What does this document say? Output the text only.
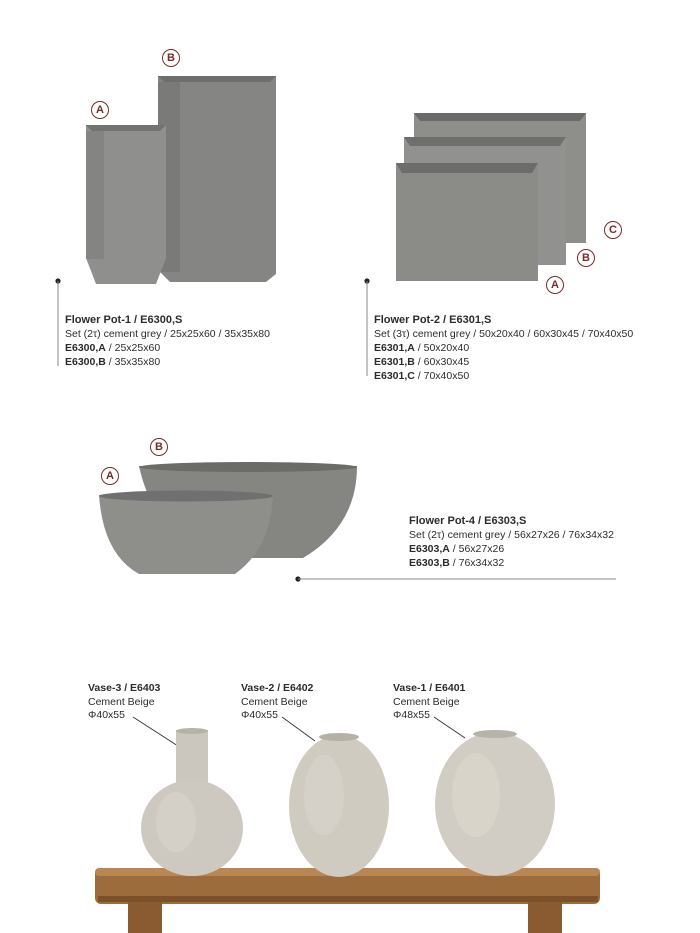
A
B
Flower Pot-1 / E6300,S
Set (2τ) cement grey / 25x25x60 / 35x35x80
E6300,A / 25x25x60
E6300,B / 35x35x80
C
B
A
Flower Pot-2 / E6301,S
Set (3τ) cement grey / 50x20x40 / 60x30x45 / 70x40x50
E6301,A / 50x20x40
E6301,B / 60x30x45
E6301,C / 70x40x50
A
B
Flower Pot-4 / E6303,S
Set (2τ) cement grey / 56x27x26 / 76x34x32
E6303,A / 56x27x26
E6303,B / 76x34x32
Vase-3 / E6403
Cement Beige
Φ40x55
Vase-2 / E6402
Cement Beige
Φ40x55
Vase-1 / E6401
Cement Beige
Φ48x55
